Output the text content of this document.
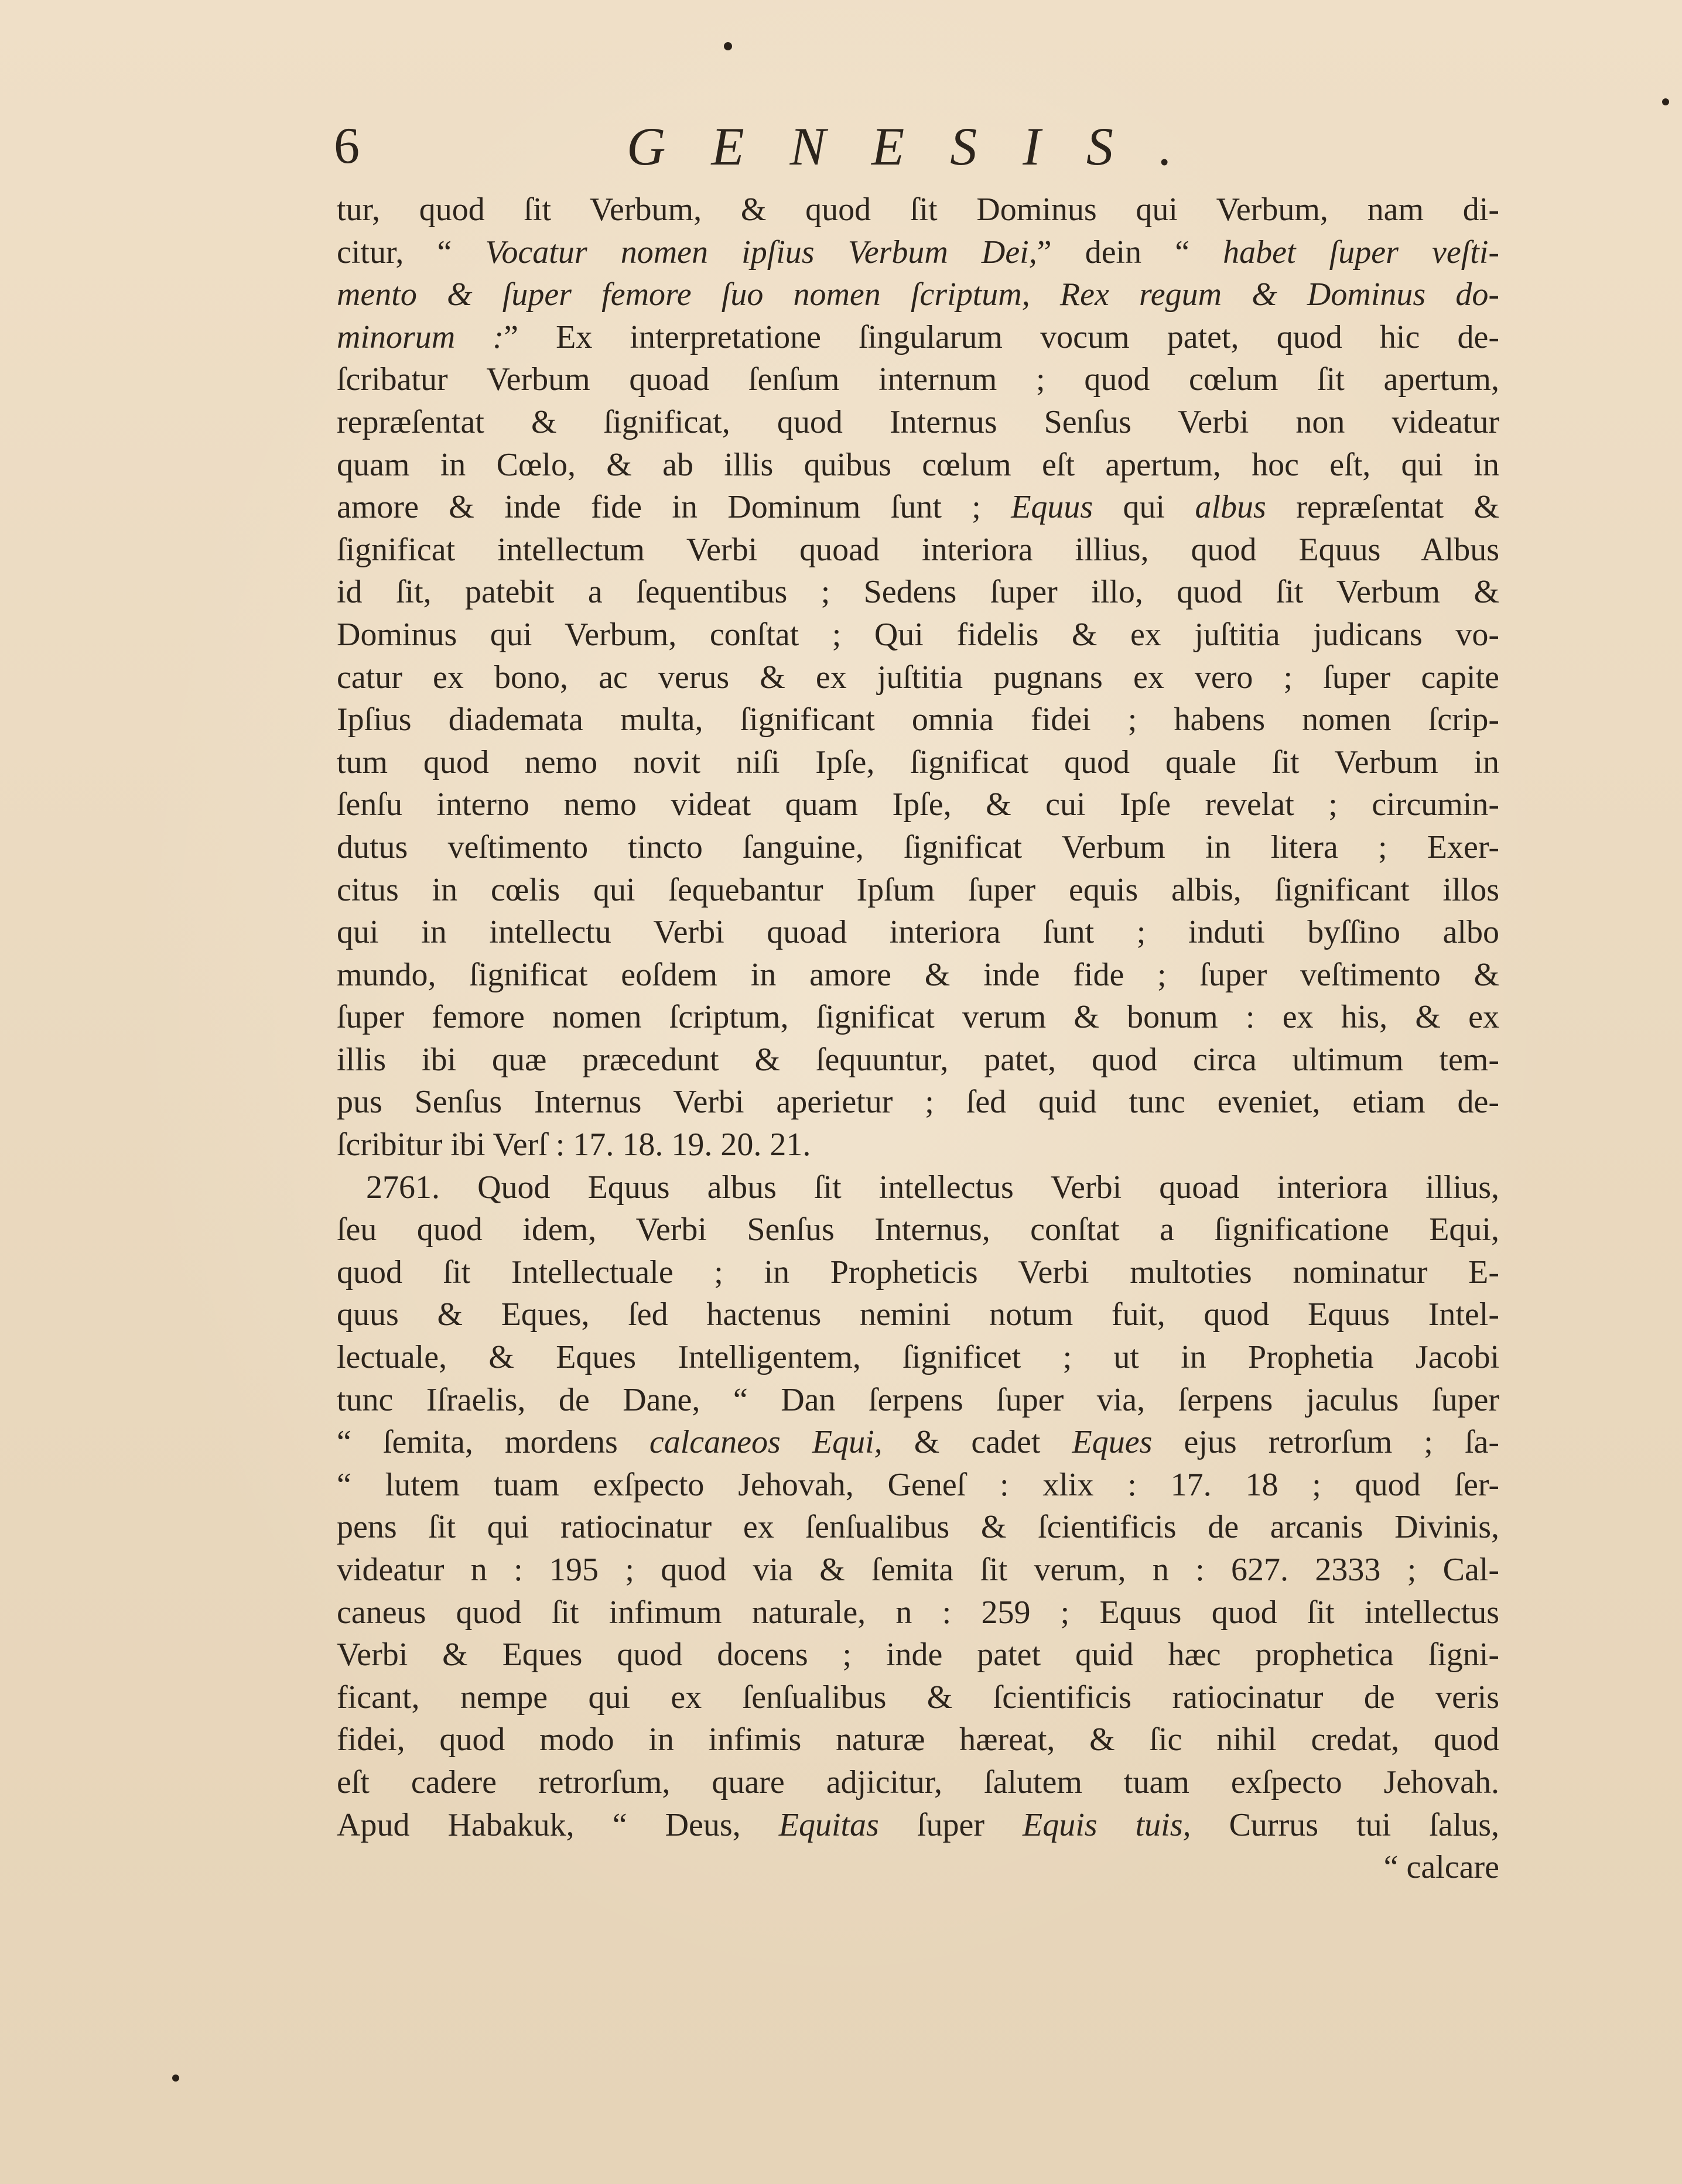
6	GENESIS.
tur, quod ſit Verbum, & quod ſit Dominus qui Verbum, nam di-
citur, “ Vocatur nomen ipſius Verbum Dei,” dein “ habet ſuper veſti-
mento & ſuper femore ſuo nomen ſcriptum, Rex regum & Dominus do-
minorum :” Ex interpretatione ſingularum vocum patet, quod hic de-
ſcribatur Verbum quoad ſenſum internum ; quod cœlum ſit apertum,
repræſentat & ſignificat, quod Internus Senſus Verbi non videatur
quam in Cœlo, & ab illis quibus cœlum eſt apertum, hoc eſt, qui in
amore & inde fide in Dominum ſunt ; Equus qui albus repræſentat &
ſignificat intellectum Verbi quoad interiora illius, quod Equus Albus
id ſit, patebit a ſequentibus ; Sedens ſuper illo, quod ſit Verbum &
Dominus qui Verbum, conſtat ; Qui fidelis & ex juſtitia judicans vo-
catur ex bono, ac verus & ex juſtitia pugnans ex vero ; ſuper capite
Ipſius diademata multa, ſignificant omnia fidei ; habens nomen ſcrip-
tum quod nemo novit niſi Ipſe, ſignificat quod quale ſit Verbum in
ſenſu interno nemo videat quam Ipſe, & cui Ipſe revelat ; circumin-
dutus veſtimento tincto ſanguine, ſignificat Verbum in litera ; Exer-
citus in cœlis qui ſequebantur Ipſum ſuper equis albis, ſignificant illos
qui in intellectu Verbi quoad interiora ſunt ; induti byſſino albo
mundo, ſignificat eoſdem in amore & inde fide ; ſuper veſtimento &
ſuper femore nomen ſcriptum, ſignificat verum & bonum : ex his, & ex
illis ibi quæ præcedunt & ſequuntur, patet, quod circa ultimum tem-
pus Senſus Internus Verbi aperietur ; ſed quid tunc eveniet, etiam de-
ſcribitur ibi Verſ : 17. 18. 19. 20. 21.
2761. Quod Equus albus ſit intellectus Verbi quoad interiora illius,
ſeu quod idem, Verbi Senſus Internus, conſtat a ſignificatione Equi,
quod ſit Intellectuale ; in Propheticis Verbi multoties nominatur E-
quus & Eques, ſed hactenus nemini notum fuit, quod Equus Intel-
lectuale, & Eques Intelligentem, ſignificet ; ut in Prophetia Jacobi
tunc Iſraelis, de Dane, “ Dan ſerpens ſuper via, ſerpens jaculus ſuper
“ ſemita, mordens calcaneos Equi, & cadet Eques ejus retrorſum ; ſa-
“ lutem tuam exſpecto Jehovah, Geneſ : xlix : 17. 18 ; quod ſer-
pens ſit qui ratiocinatur ex ſenſualibus & ſcientificis de arcanis Divinis,
videatur n : 195 ; quod via & ſemita ſit verum, n : 627. 2333 ; Cal-
caneus quod ſit infimum naturale, n : 259 ; Equus quod ſit intellectus
Verbi & Eques quod docens ; inde patet quid hæc prophetica ſigni-
ficant, nempe qui ex ſenſualibus & ſcientificis ratiocinatur de veris
fidei, quod modo in infimis naturæ hæreat, & ſic nihil credat, quod
eſt cadere retrorſum, quare adjicitur, ſalutem tuam exſpecto Jehovah.
Apud Habakuk, “ Deus, Equitas ſuper Equis tuis, Currus tui ſalus,
“ calcare
